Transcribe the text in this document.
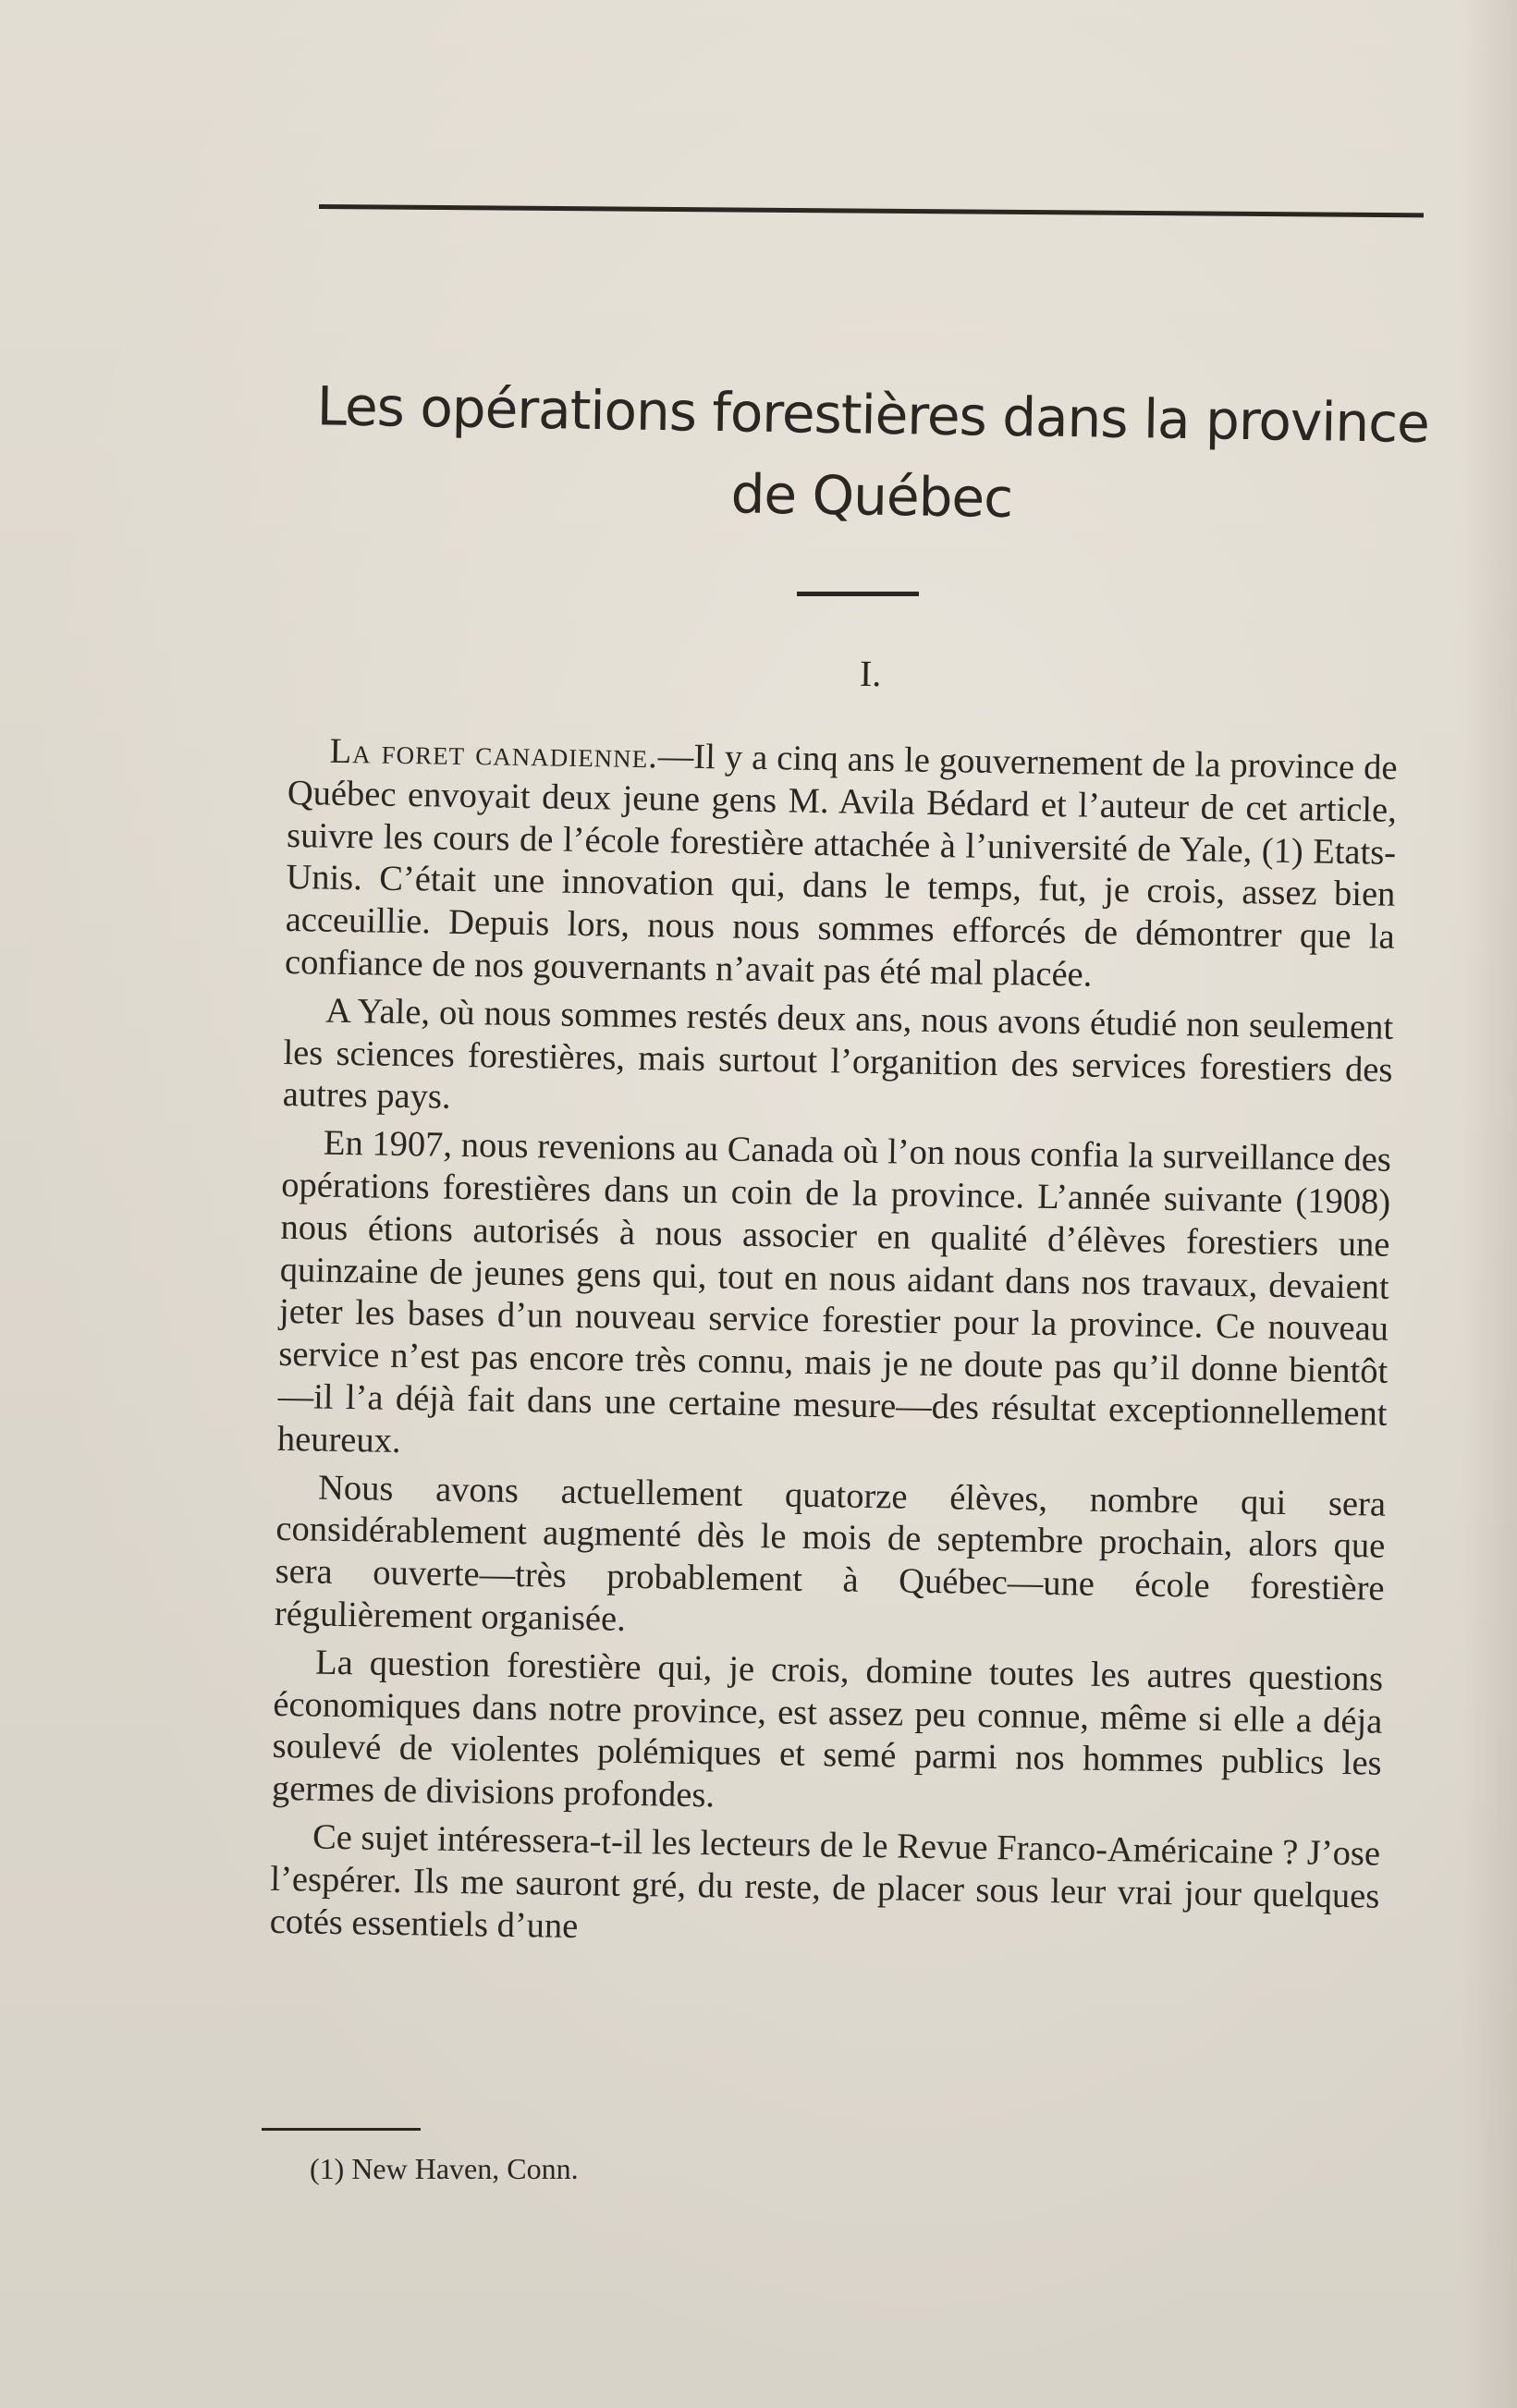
Les opérations forestières dans la province de Québec
I.

La foret canadienne.—Il y a cinq ans le gouvernement de la province de Québec envoyait deux jeune gens M. Avila Bédard et l’auteur de cet article, suivre les cours de l’école forestière attachée à l’université de Yale, (1) Etats-Unis. C’était une innovation qui, dans le temps, fut, je crois, assez bien acceuillie. Depuis lors, nous nous sommes efforcés de démontrer que la confiance de nos gouvernants n’avait pas été mal placée.

A Yale, où nous sommes restés deux ans, nous avons étudié non seulement les sciences forestières, mais surtout l’organition des services forestiers des autres pays.

En 1907, nous revenions au Canada où l’on nous confia la surveillance des opérations forestières dans un coin de la province. L’année suivante (1908) nous étions autorisés à nous associer en qualité d’élèves forestiers une quinzaine de jeunes gens qui, tout en nous aidant dans nos travaux, devaient jeter les bases d’un nouveau service forestier pour la province. Ce nouveau service n’est pas encore très connu, mais je ne doute pas qu’il donne bientôt—il l’a déjà fait dans une certaine mesure—des résultat exceptionnellement heureux.

Nous avons actuellement quatorze élèves, nombre qui sera considérablement augmenté dès le mois de septembre prochain, alors que sera ouverte—très probablement à Québec—une école forestière régulièrement organisée.

La question forestière qui, je crois, domine toutes les autres questions économiques dans notre province, est assez peu connue, même si elle a déja soulevé de violentes polémiques et semé parmi nos hommes publics les germes de divisions profondes.

Ce sujet intéressera-t-il les lecteurs de le Revue Franco-Américaine ? J’ose l’espérer. Ils me sauront gré, du reste, de placer sous leur vrai jour quelques cotés essentiels d’une

(1) New Haven, Conn.
